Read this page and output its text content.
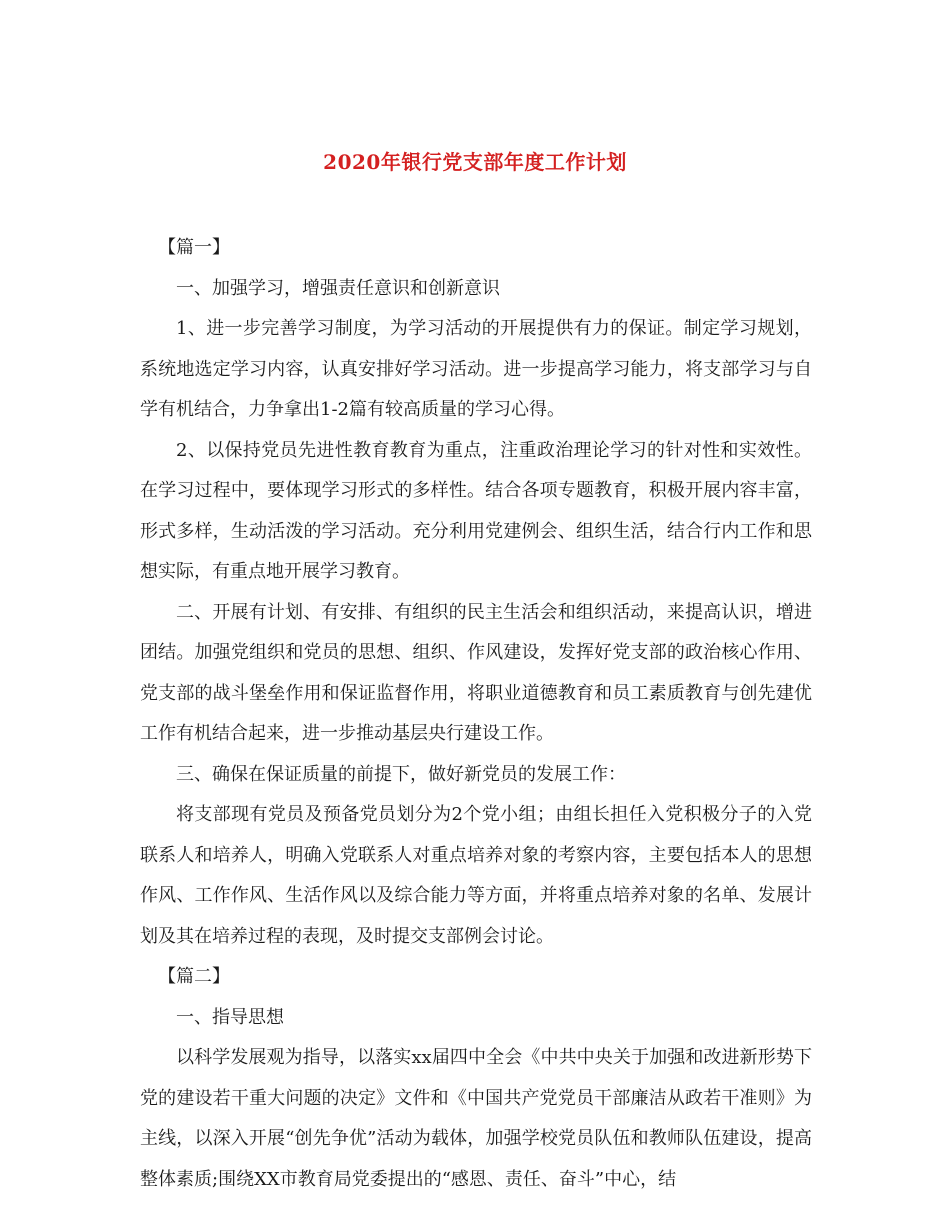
2020年银行党支部年度工作计划

【篇一】

一、加强学习，增强责任意识和创新意识

1、进一步完善学习制度，为学习活动的开展提供有力的保证。制定学习规划，系统地选定学习内容，认真安排好学习活动。进一步提高学习能力，将支部学习与自学有机结合，力争拿出1-2篇有较高质量的学习心得。

2、以保持党员先进性教育教育为重点，注重政治理论学习的针对性和实效性。在学习过程中，要体现学习形式的多样性。结合各项专题教育，积极开展内容丰富，形式多样，生动活泼的学习活动。充分利用党建例会、组织生活，结合行内工作和思想实际，有重点地开展学习教育。

二、开展有计划、有安排、有组织的民主生活会和组织活动，来提高认识，增进团结。加强党组织和党员的思想、组织、作风建设，发挥好党支部的政治核心作用、党支部的战斗堡垒作用和保证监督作用，将职业道德教育和员工素质教育与创先建优工作有机结合起来，进一步推动基层央行建设工作。

三、确保在保证质量的前提下，做好新党员的发展工作：

将支部现有党员及预备党员划分为2个党小组；由组长担任入党积极分子的入党联系人和培养人，明确入党联系人对重点培养对象的考察内容，主要包括本人的思想作风、工作作风、生活作风以及综合能力等方面，并将重点培养对象的名单、发展计划及其在培养过程的表现，及时提交支部例会讨论。

【篇二】

一、指导思想

以科学发展观为指导，以落实xx届四中全会《中共中央关于加强和改进新形势下党的建设若干重大问题的决定》文件和《中国共产党党员干部廉洁从政若干准则》为主线，以深入开展“创先争优”活动为载体，加强学校党员队伍和教师队伍建设，提高整体素质;围绕XX市教育局党委提出的“感恩、责任、奋斗”中心，结
